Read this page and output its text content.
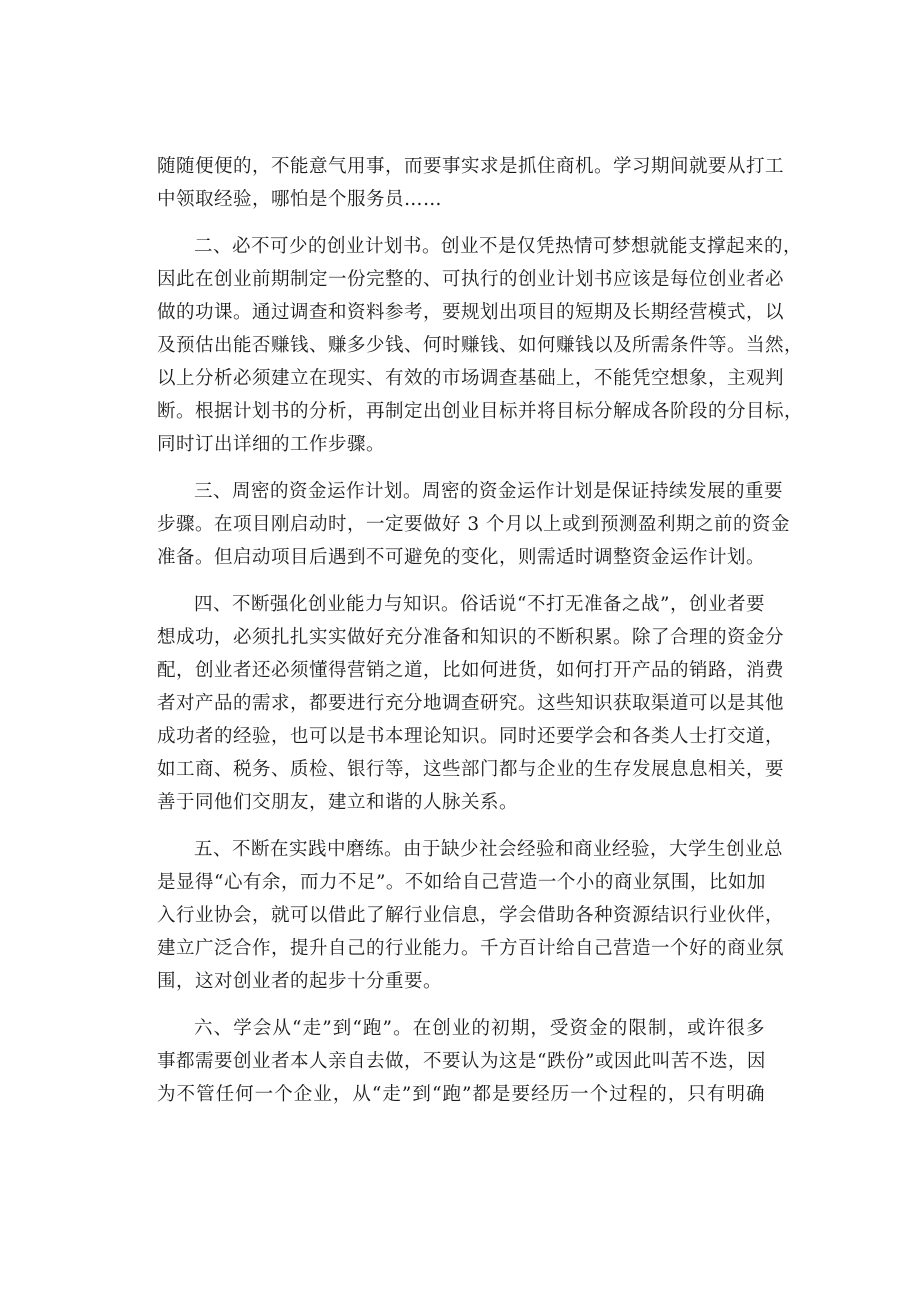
随随便便的，不能意气用事，而要事实求是抓住商机。学习期间就要从打工
中领取经验，哪怕是个服务员……

二、必不可少的创业计划书。创业不是仅凭热情可梦想就能支撑起来的，
因此在创业前期制定一份完整的、可执行的创业计划书应该是每位创业者必
做的功课。通过调查和资料参考，要规划出项目的短期及长期经营模式，以
及预估出能否赚钱、赚多少钱、何时赚钱、如何赚钱以及所需条件等。当然，
以上分析必须建立在现实、有效的市场调查基础上，不能凭空想象，主观判
断。根据计划书的分析，再制定出创业目标并将目标分解成各阶段的分目标，
同时订出详细的工作步骤。

三、周密的资金运作计划。周密的资金运作计划是保证持续发展的重要
步骤。在项目刚启动时，一定要做好 3 个月以上或到预测盈利期之前的资金
准备。但启动项目后遇到不可避免的变化，则需适时调整资金运作计划。

四、不断强化创业能力与知识。俗话说“不打无准备之战”，创业者要
想成功，必须扎扎实实做好充分准备和知识的不断积累。除了合理的资金分
配，创业者还必须懂得营销之道，比如何进货，如何打开产品的销路，消费
者对产品的需求，都要进行充分地调查研究。这些知识获取渠道可以是其他
成功者的经验，也可以是书本理论知识。同时还要学会和各类人士打交道，
如工商、税务、质检、银行等，这些部门都与企业的生存发展息息相关，要
善于同他们交朋友，建立和谐的人脉关系。

五、不断在实践中磨练。由于缺少社会经验和商业经验，大学生创业总
是显得“心有余，而力不足”。不如给自己营造一个小的商业氛围，比如加
入行业协会，就可以借此了解行业信息，学会借助各种资源结识行业伙伴，
建立广泛合作，提升自己的行业能力。千方百计给自己营造一个好的商业氛
围，这对创业者的起步十分重要。

六、学会从“走”到“跑”。在创业的初期，受资金的限制，或许很多
事都需要创业者本人亲自去做，不要认为这是“跌份”或因此叫苦不迭，因
为不管任何一个企业，从“走”到“跑”都是要经历一个过程的，只有明确
